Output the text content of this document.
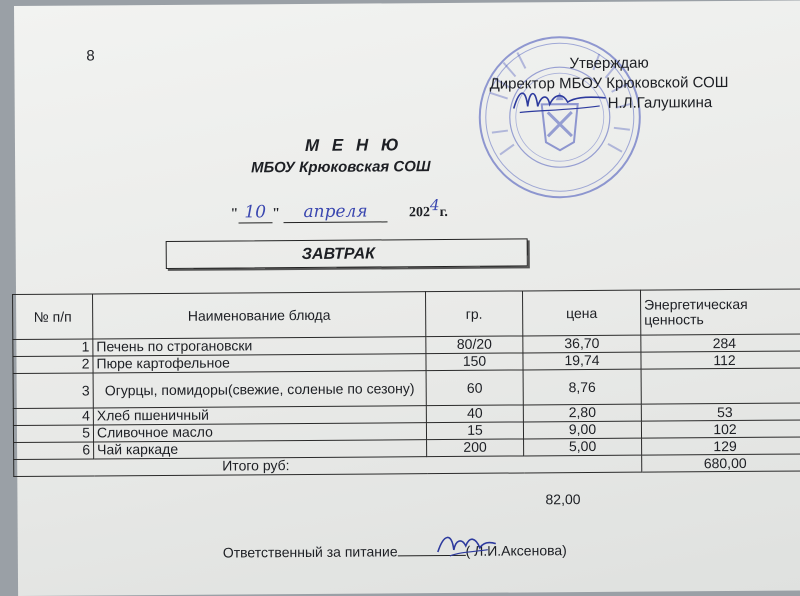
8	Утверждаю
Директор МБОУ Крюковской СОШ
Н.Л.Галушкина
М Е Н Ю
МБОУ Крюковская СОШ
" 10 " апреля	2024г.
ЗАВТРАК
№ п/п	Наименование блюда	гр.	цена	Энергетическая ценность
1	Печень по строгановски	80/20	36,70	284
2	Пюре картофельное	150	19,74	112
3	Огурцы, помидоры(свежие, соленые по сезону)	60	8,76	
4	Хлеб пшеничный	40	2,80	53
5	Сливочное масло	15	9,00	102
6	Чай каркаде	200	5,00	129
Итого руб:				680,00
82,00
Ответственный за питание	( Л.И.Аксенова)
